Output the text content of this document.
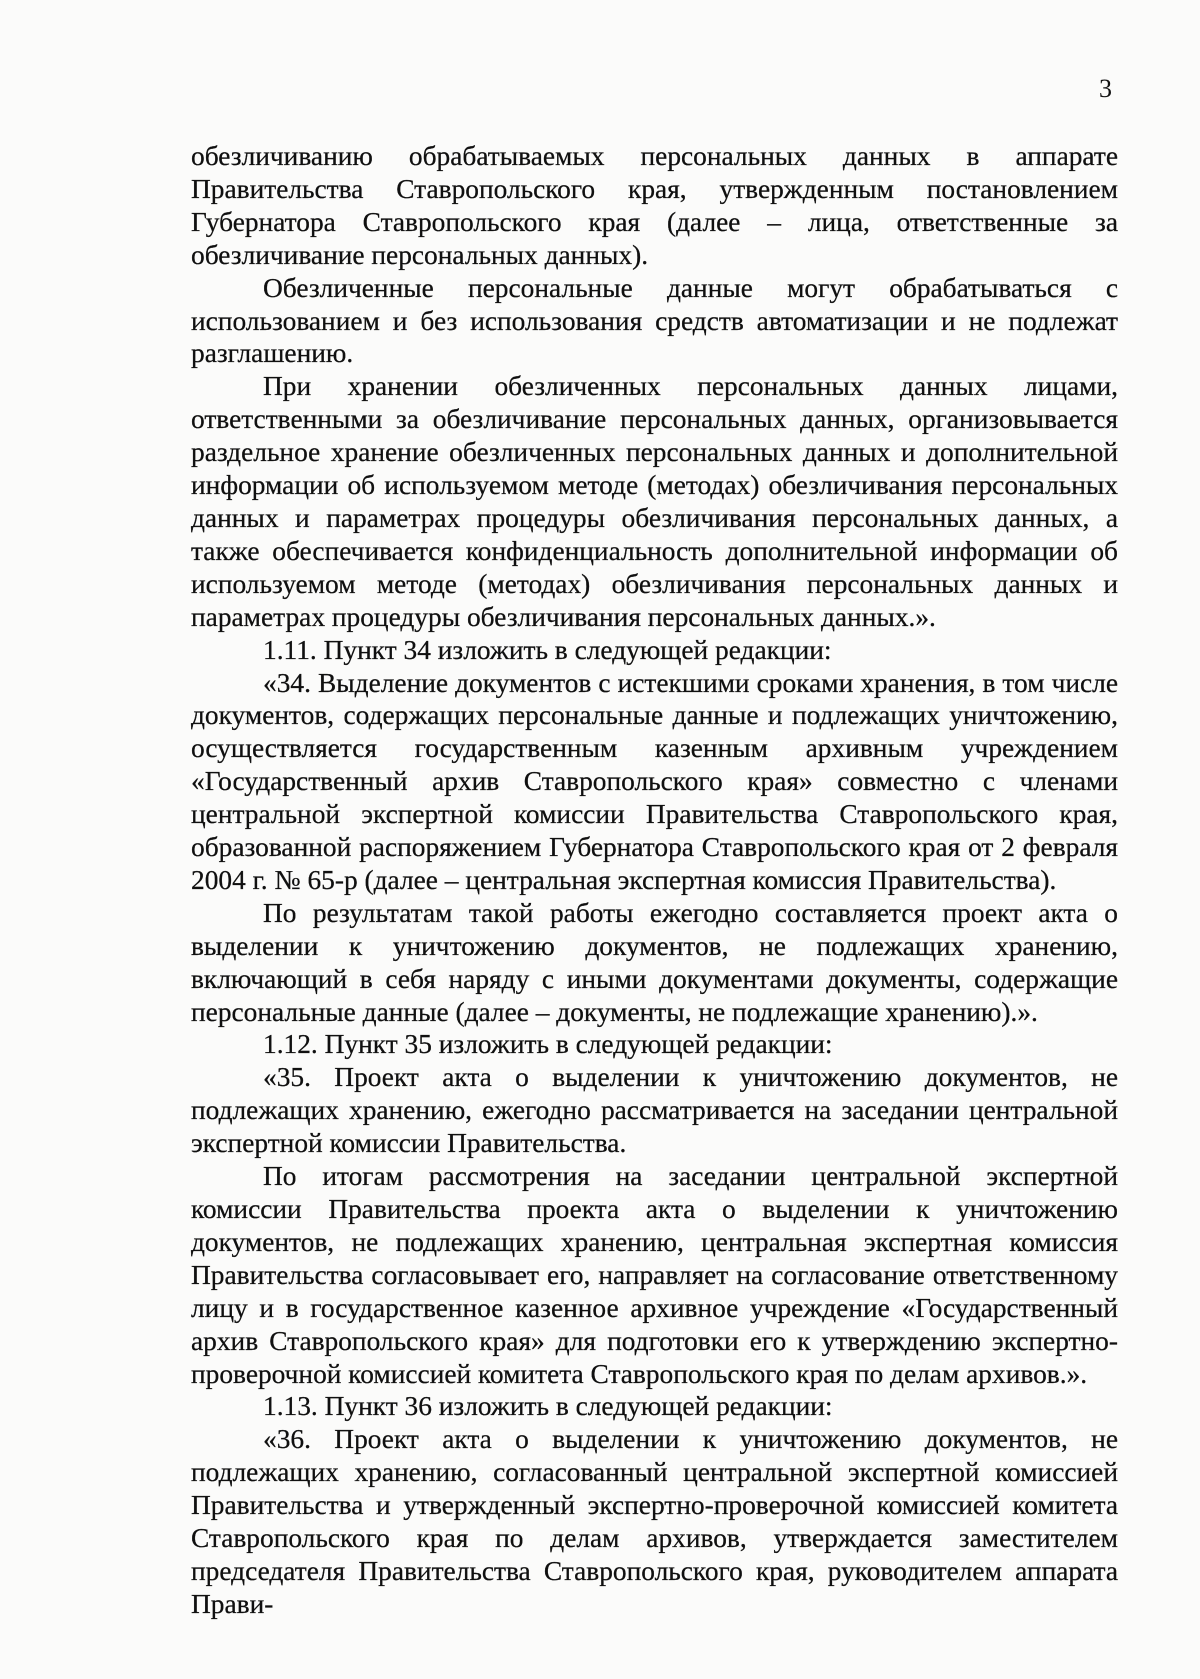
3

обезличиванию обрабатываемых персональных данных в аппарате Правительства Ставропольского края, утвержденным постановлением Губернатора Ставропольского края (далее – лица, ответственные за обезличивание персональных данных).

Обезличенные персональные данные могут обрабатываться с использованием и без использования средств автоматизации и не подлежат разглашению.

При хранении обезличенных персональных данных лицами, ответственными за обезличивание персональных данных, организовывается раздельное хранение обезличенных персональных данных и дополнительной информации об используемом методе (методах) обезличивания персональных данных и параметрах процедуры обезличивания персональных данных, а также обеспечивается конфиденциальность дополнительной информации об используемом методе (методах) обезличивания персональных данных и параметрах процедуры обезличивания персональных данных.».

1.11. Пункт 34 изложить в следующей редакции:

«34. Выделение документов с истекшими сроками хранения, в том числе документов, содержащих персональные данные и подлежащих уничтожению, осуществляется государственным казенным архивным учреждением «Государственный архив Ставропольского края» совместно с членами центральной экспертной комиссии Правительства Ставропольского края, образованной распоряжением Губернатора Ставропольского края от 2 февраля 2004 г. № 65-р (далее – центральная экспертная комиссия Правительства).

По результатам такой работы ежегодно составляется проект акта о выделении к уничтожению документов, не подлежащих хранению, включающий в себя наряду с иными документами документы, содержащие персональные данные (далее – документы, не подлежащие хранению).».

1.12. Пункт 35 изложить в следующей редакции:

«35. Проект акта о выделении к уничтожению документов, не подлежащих хранению, ежегодно рассматривается на заседании центральной экспертной комиссии Правительства.

По итогам рассмотрения на заседании центральной экспертной комиссии Правительства проекта акта о выделении к уничтожению документов, не подлежащих хранению, центральная экспертная комиссия Правительства согласовывает его, направляет на согласование ответственному лицу и в государственное казенное архивное учреждение «Государственный архив Ставропольского края» для подготовки его к утверждению экспертно-проверочной комиссией комитета Ставропольского края по делам архивов.».

1.13. Пункт 36 изложить в следующей редакции:

«36. Проект акта о выделении к уничтожению документов, не подлежащих хранению, согласованный центральной экспертной комиссией Правительства и утвержденный экспертно-проверочной комиссией комитета Ставропольского края по делам архивов, утверждается заместителем председателя Правительства Ставропольского края, руководителем аппарата Прави-
